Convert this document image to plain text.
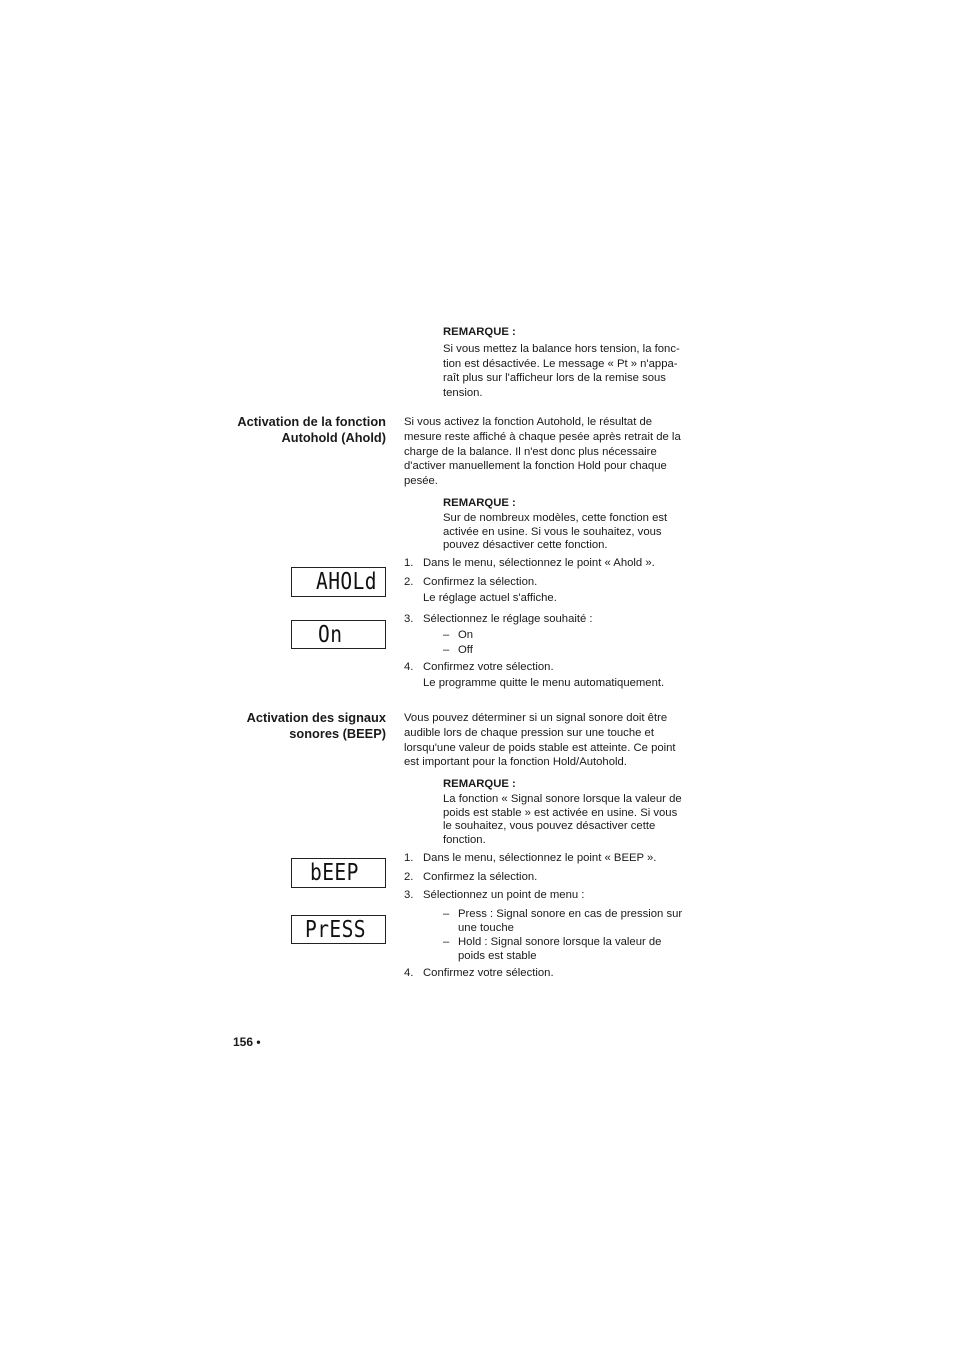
REMARQUE :
Si vous mettez la balance hors tension, la fonc-
tion est désactivée. Le message « Pt » n'appa-
raît plus sur l'afficheur lors de la remise sous
tension.
Activation de la fonction
Autohold (Ahold)
Si vous activez la fonction Autohold, le résultat de
mesure reste affiché à chaque pesée après retrait de la
charge de la balance. Il n'est donc plus nécessaire
d'activer manuellement la fonction Hold pour chaque
pesée.
REMARQUE :
Sur de nombreux modèles, cette fonction est
activée en usine. Si vous le souhaitez, vous
pouvez désactiver cette fonction.
AHOLd
On
1. Dans le menu, sélectionnez le point « Ahold ».
2. Confirmez la sélection.
Le réglage actuel s'affiche.
3. Sélectionnez le réglage souhaité :
– On
– Off
4. Confirmez votre sélection.
Le programme quitte le menu automatiquement.
Activation des signaux
sonores (BEEP)
Vous pouvez déterminer si un signal sonore doit être
audible lors de chaque pression sur une touche et
lorsqu'une valeur de poids stable est atteinte. Ce point
est important pour la fonction Hold/Autohold.
REMARQUE :
La fonction « Signal sonore lorsque la valeur de
poids est stable » est activée en usine. Si vous
le souhaitez, vous pouvez désactiver cette
fonction.
bEEP
PrESS
1. Dans le menu, sélectionnez le point « BEEP ».
2. Confirmez la sélection.
3. Sélectionnez un point de menu :
– Press : Signal sonore en cas de pression sur
une touche
– Hold : Signal sonore lorsque la valeur de
poids est stable
4. Confirmez votre sélection.
156 •
